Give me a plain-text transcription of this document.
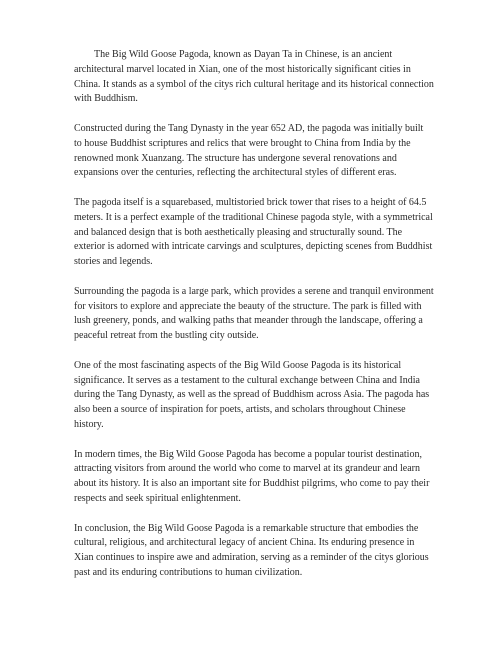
The Big Wild Goose Pagoda, known as Dayan Ta in Chinese, is an ancient
architectural marvel located in Xian, one of the most historically significant cities in
China. It stands as a symbol of the citys rich cultural heritage and its historical connection
with Buddhism.
Constructed during the Tang Dynasty in the year 652 AD, the pagoda was initially built
to house Buddhist scriptures and relics that were brought to China from India by the
renowned monk Xuanzang. The structure has undergone several renovations and
expansions over the centuries, reflecting the architectural styles of different eras.
The pagoda itself is a squarebased, multistoried brick tower that rises to a height of 64.5
meters. It is a perfect example of the traditional Chinese pagoda style, with a symmetrical
and balanced design that is both aesthetically pleasing and structurally sound. The
exterior is adorned with intricate carvings and sculptures, depicting scenes from Buddhist
stories and legends.
Surrounding the pagoda is a large park, which provides a serene and tranquil environment
for visitors to explore and appreciate the beauty of the structure. The park is filled with
lush greenery, ponds, and walking paths that meander through the landscape, offering a
peaceful retreat from the bustling city outside.
One of the most fascinating aspects of the Big Wild Goose Pagoda is its historical
significance. It serves as a testament to the cultural exchange between China and India
during the Tang Dynasty, as well as the spread of Buddhism across Asia. The pagoda has
also been a source of inspiration for poets, artists, and scholars throughout Chinese
history.
In modern times, the Big Wild Goose Pagoda has become a popular tourist destination,
attracting visitors from around the world who come to marvel at its grandeur and learn
about its history. It is also an important site for Buddhist pilgrims, who come to pay their
respects and seek spiritual enlightenment.
In conclusion, the Big Wild Goose Pagoda is a remarkable structure that embodies the
cultural, religious, and architectural legacy of ancient China. Its enduring presence in
Xian continues to inspire awe and admiration, serving as a reminder of the citys glorious
past and its enduring contributions to human civilization.
